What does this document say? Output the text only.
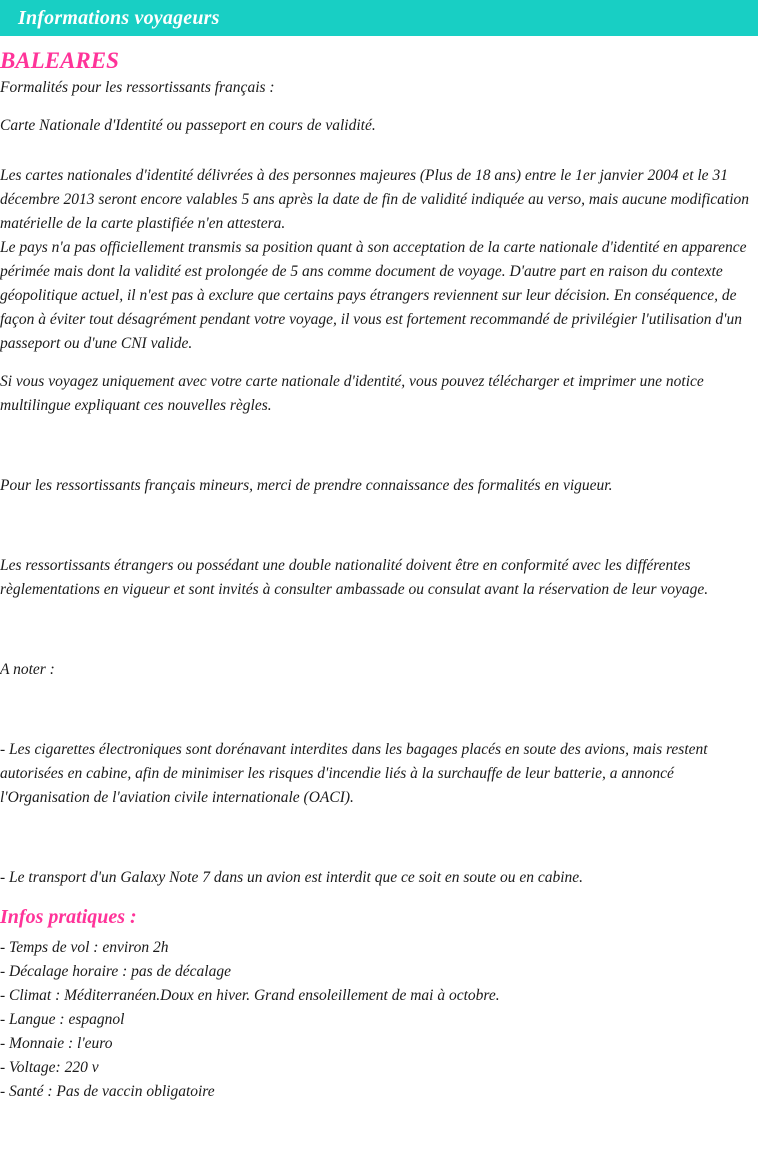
Informations voyageurs
BALEARES

Formalités pour les ressortissants français :

Carte Nationale d'Identité ou passeport en cours de validité.

Les cartes nationales d'identité délivrées à des personnes majeures (Plus de 18 ans) entre le 1er janvier 2004 et le 31 décembre 2013 seront encore valables 5 ans après la date de fin de validité indiquée au verso, mais aucune modification matérielle de la carte plastifiée n'en attestera.

Le pays n'a pas officiellement transmis sa position quant à son acceptation de la carte nationale d'identité en apparence périmée mais dont la validité est prolongée de 5 ans comme document de voyage. D'autre part en raison du contexte géopolitique actuel, il n'est pas à exclure que certains pays étrangers reviennent sur leur décision. En conséquence, de façon à éviter tout désagrément pendant votre voyage, il vous est fortement recommandé de privilégier l'utilisation d'un passeport ou d'une CNI valide.

Si vous voyagez uniquement avec votre carte nationale d'identité, vous pouvez télécharger et imprimer une notice multilingue expliquant ces nouvelles règles.

Pour les ressortissants français mineurs, merci de prendre connaissance des formalités en vigueur.

Les ressortissants étrangers ou possédant une double nationalité doivent être en conformité avec les différentes règlementations en vigueur et sont invités à consulter ambassade ou consulat avant la réservation de leur voyage.

A noter :

- Les cigarettes électroniques sont dorénavant interdites dans les bagages placés en soute des avions, mais restent autorisées en cabine, afin de minimiser les risques d'incendie liés à la surchauffe de leur batterie, a annoncé l'Organisation de l'aviation civile internationale (OACI).

- Le transport d'un Galaxy Note 7 dans un avion est interdit que ce soit en soute ou en cabine.

Infos pratiques :
- Temps de vol : environ 2h
- Décalage horaire : pas de décalage
- Climat : Méditerranéen.Doux en hiver. Grand ensoleillement de mai à octobre.
- Langue : espagnol
- Monnaie : l'euro
- Voltage: 220 v
- Santé : Pas de vaccin obligatoire
